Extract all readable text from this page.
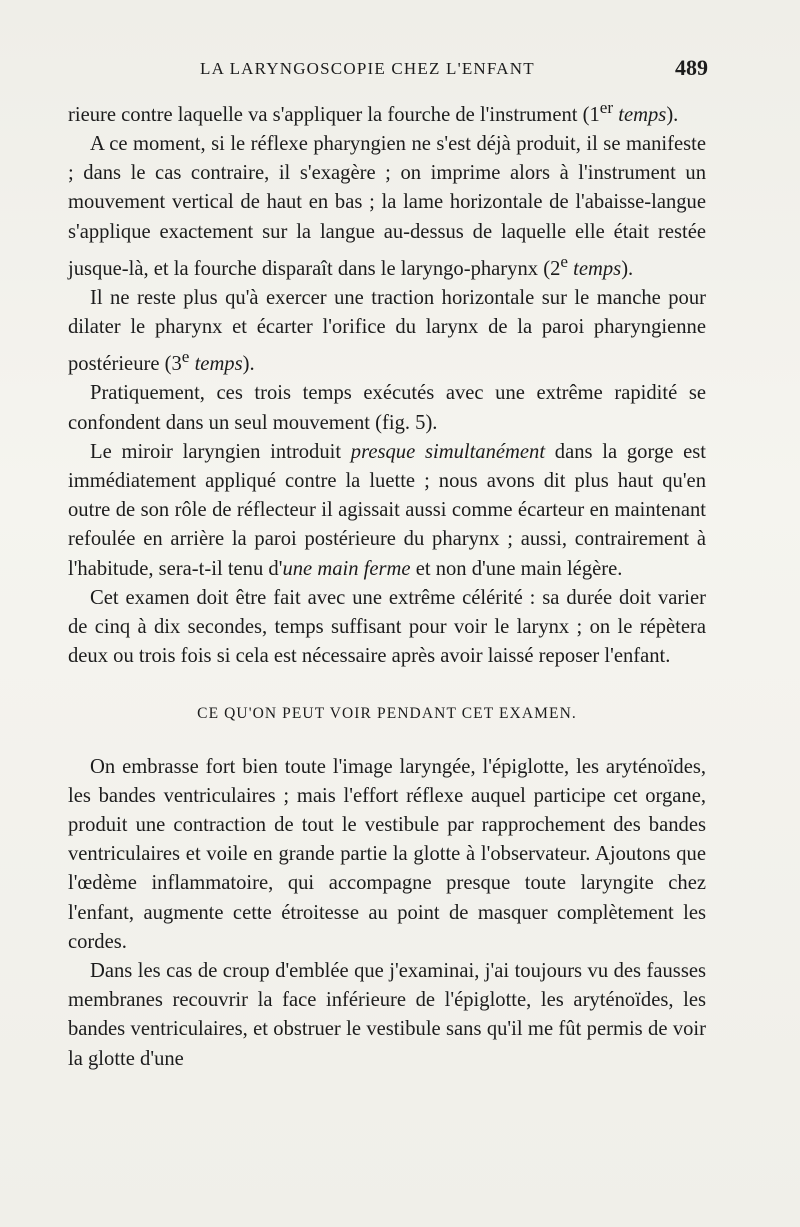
LA LARYNGOSCOPIE CHEZ L'ENFANT	489

rieure contre laquelle va s'appliquer la fourche de l'instrument (1er temps).

A ce moment, si le réflexe pharyngien ne s'est déjà produit, il se manifeste ; dans le cas contraire, il s'exagère ; on imprime alors à l'instrument un mouvement vertical de haut en bas ; la lame horizontale de l'abaisse-langue s'applique exactement sur la langue au-dessus de laquelle elle était restée jusque-là, et la fourche disparaît dans le laryngo-pharynx (2e temps).

Il ne reste plus qu'à exercer une traction horizontale sur le manche pour dilater le pharynx et écarter l'orifice du larynx de la paroi pharyngienne postérieure (3e temps).

Pratiquement, ces trois temps exécutés avec une extrême rapidité se confondent dans un seul mouvement (fig. 5).

Le miroir laryngien introduit presque simultanément dans la gorge est immédiatement appliqué contre la luette ; nous avons dit plus haut qu'en outre de son rôle de réflecteur il agissait aussi comme écarteur en maintenant refoulée en arrière la paroi postérieure du pharynx ; aussi, contrairement à l'habitude, sera-t-il tenu d'une main ferme et non d'une main légère.

Cet examen doit être fait avec une extrême célérité : sa durée doit varier de cinq à dix secondes, temps suffisant pour voir le larynx ; on le répètera deux ou trois fois si cela est nécessaire après avoir laissé reposer l'enfant.

CE QU'ON PEUT VOIR PENDANT CET EXAMEN.

On embrasse fort bien toute l'image laryngée, l'épiglotte, les aryténoïdes, les bandes ventriculaires ; mais l'effort réflexe auquel participe cet organe, produit une contraction de tout le vestibule par rapprochement des bandes ventriculaires et voile en grande partie la glotte à l'observateur. Ajoutons que l'œdème inflammatoire, qui accompagne presque toute laryngite chez l'enfant, augmente cette étroitesse au point de masquer complètement les cordes.

Dans les cas de croup d'emblée que j'examinai, j'ai toujours vu des fausses membranes recouvrir la face inférieure de l'épiglotte, les aryténoïdes, les bandes ventriculaires, et obstruer le vestibule sans qu'il me fût permis de voir la glotte d'une
